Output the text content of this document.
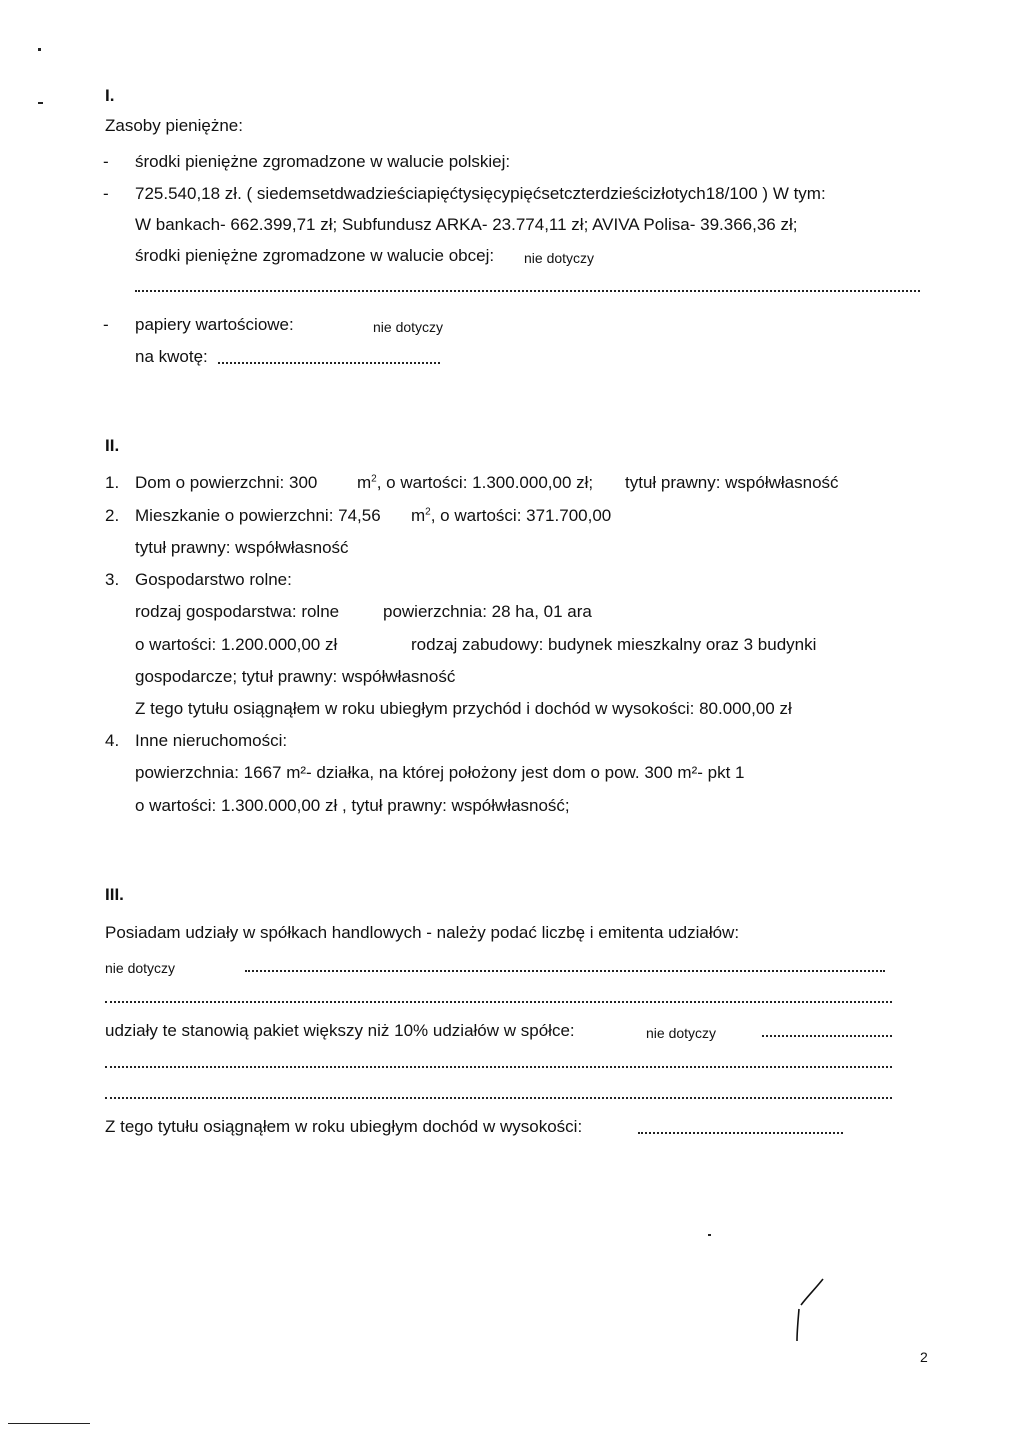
I.
Zasoby pieniężne:
- środki pieniężne zgromadzone w walucie polskiej:
- 725.540,18 zł. ( siedemsetdwadzieściapięćtysięcypięćsetczterdzieścizłotych18/100 ) W tym:
W bankach- 662.399,71 zł; Subfundusz ARKA- 23.774,11 zł; AVIVA Polisa- 39.366,36 zł;
środki pieniężne zgromadzone w walucie obcej: nie dotyczy
- papiery wartościowe:	nie dotyczy
na kwotę:
II.
1. Dom o powierzchni: 300 $m^2$, o wartości: 1.300.000,00 zł; tytuł prawny: współwłasność
2. Mieszkanie o powierzchni: 74,56 $m^2$, o wartości: 371.700,00
tytuł prawny: współwłasność
3. Gospodarstwo rolne:
rodzaj gospodarstwa: rolne	powierzchnia: 28 ha, 01 ara
o wartości: 1.200.000,00 zł	rodzaj zabudowy: budynek mieszkalny oraz 3 budynki
gospodarcze; tytuł prawny: współwłasność
Z tego tytułu osiągnąłem w roku ubiegłym przychód i dochód w wysokości: 80.000,00 zł
4. Inne nieruchomości:
powierzchnia: 1667 m²- działka, na której położony jest dom o pow. 300 m²- pkt 1
o wartości: 1.300.000,00 zł , tytuł prawny: współwłasność;
III.
Posiadam udziały w spółkach handlowych - należy podać liczbę i emitenta udziałów:
nie dotyczy
udziały te stanowią pakiet większy niż 10% udziałów w spółce:	nie dotyczy
Z tego tytułu osiągnąłem w roku ubiegłym dochód w wysokości:
2
